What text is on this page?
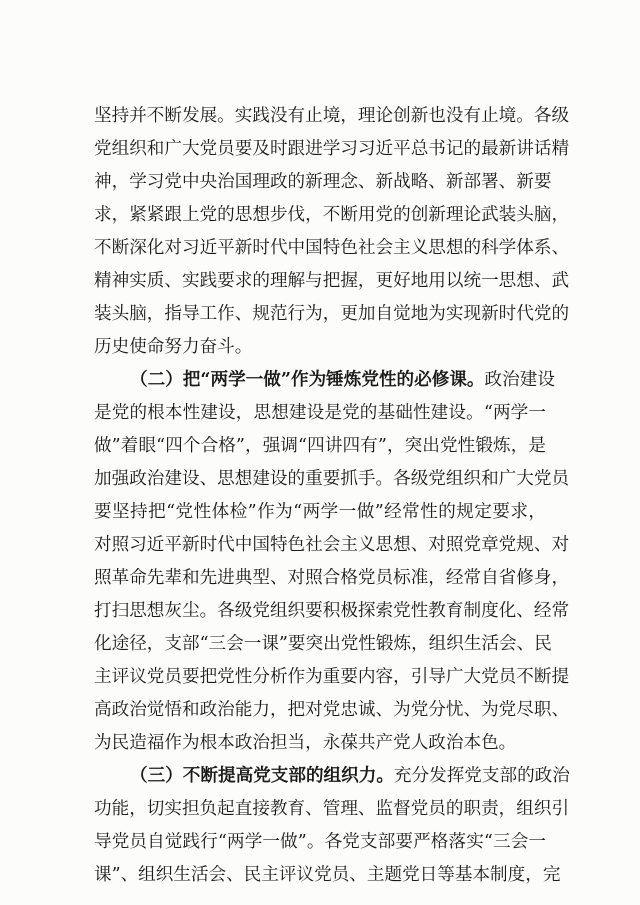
坚持并不断发展。实践没有止境，理论创新也没有止境。各级
党组织和广大党员要及时跟进学习习近平总书记的最新讲话精
神，学习党中央治国理政的新理念、新战略、新部署、新要
求，紧紧跟上党的思想步伐，不断用党的创新理论武装头脑，
不断深化对习近平新时代中国特色社会主义思想的科学体系、
精神实质、实践要求的理解与把握，更好地用以统一思想、武
装头脑，指导工作、规范行为，更加自觉地为实现新时代党的
历史使命努力奋斗。
（二）把“两学一做”作为锤炼党性的必修课。政治建设
是党的根本性建设，思想建设是党的基础性建设。“两学一
做”着眼“四个合格”，强调“四讲四有”，突出党性锻炼，是
加强政治建设、思想建设的重要抓手。各级党组织和广大党员
要坚持把“党性体检”作为“两学一做”经常性的规定要求，
对照习近平新时代中国特色社会主义思想、对照党章党规、对
照革命先辈和先进典型、对照合格党员标准，经常自省修身，
打扫思想灰尘。各级党组织要积极探索党性教育制度化、经常
化途径，支部“三会一课”要突出党性锻炼，组织生活会、民
主评议党员要把党性分析作为重要内容，引导广大党员不断提
高政治觉悟和政治能力，把对党忠诚、为党分忧、为党尽职、
为民造福作为根本政治担当，永葆共产党人政治本色。
（三）不断提高党支部的组织力。充分发挥党支部的政治
功能，切实担负起直接教育、管理、监督党员的职责，组织引
导党员自觉践行“两学一做”。各党支部要严格落实“三会一
课”、组织生活会、民主评议党员、主题党日等基本制度，完
